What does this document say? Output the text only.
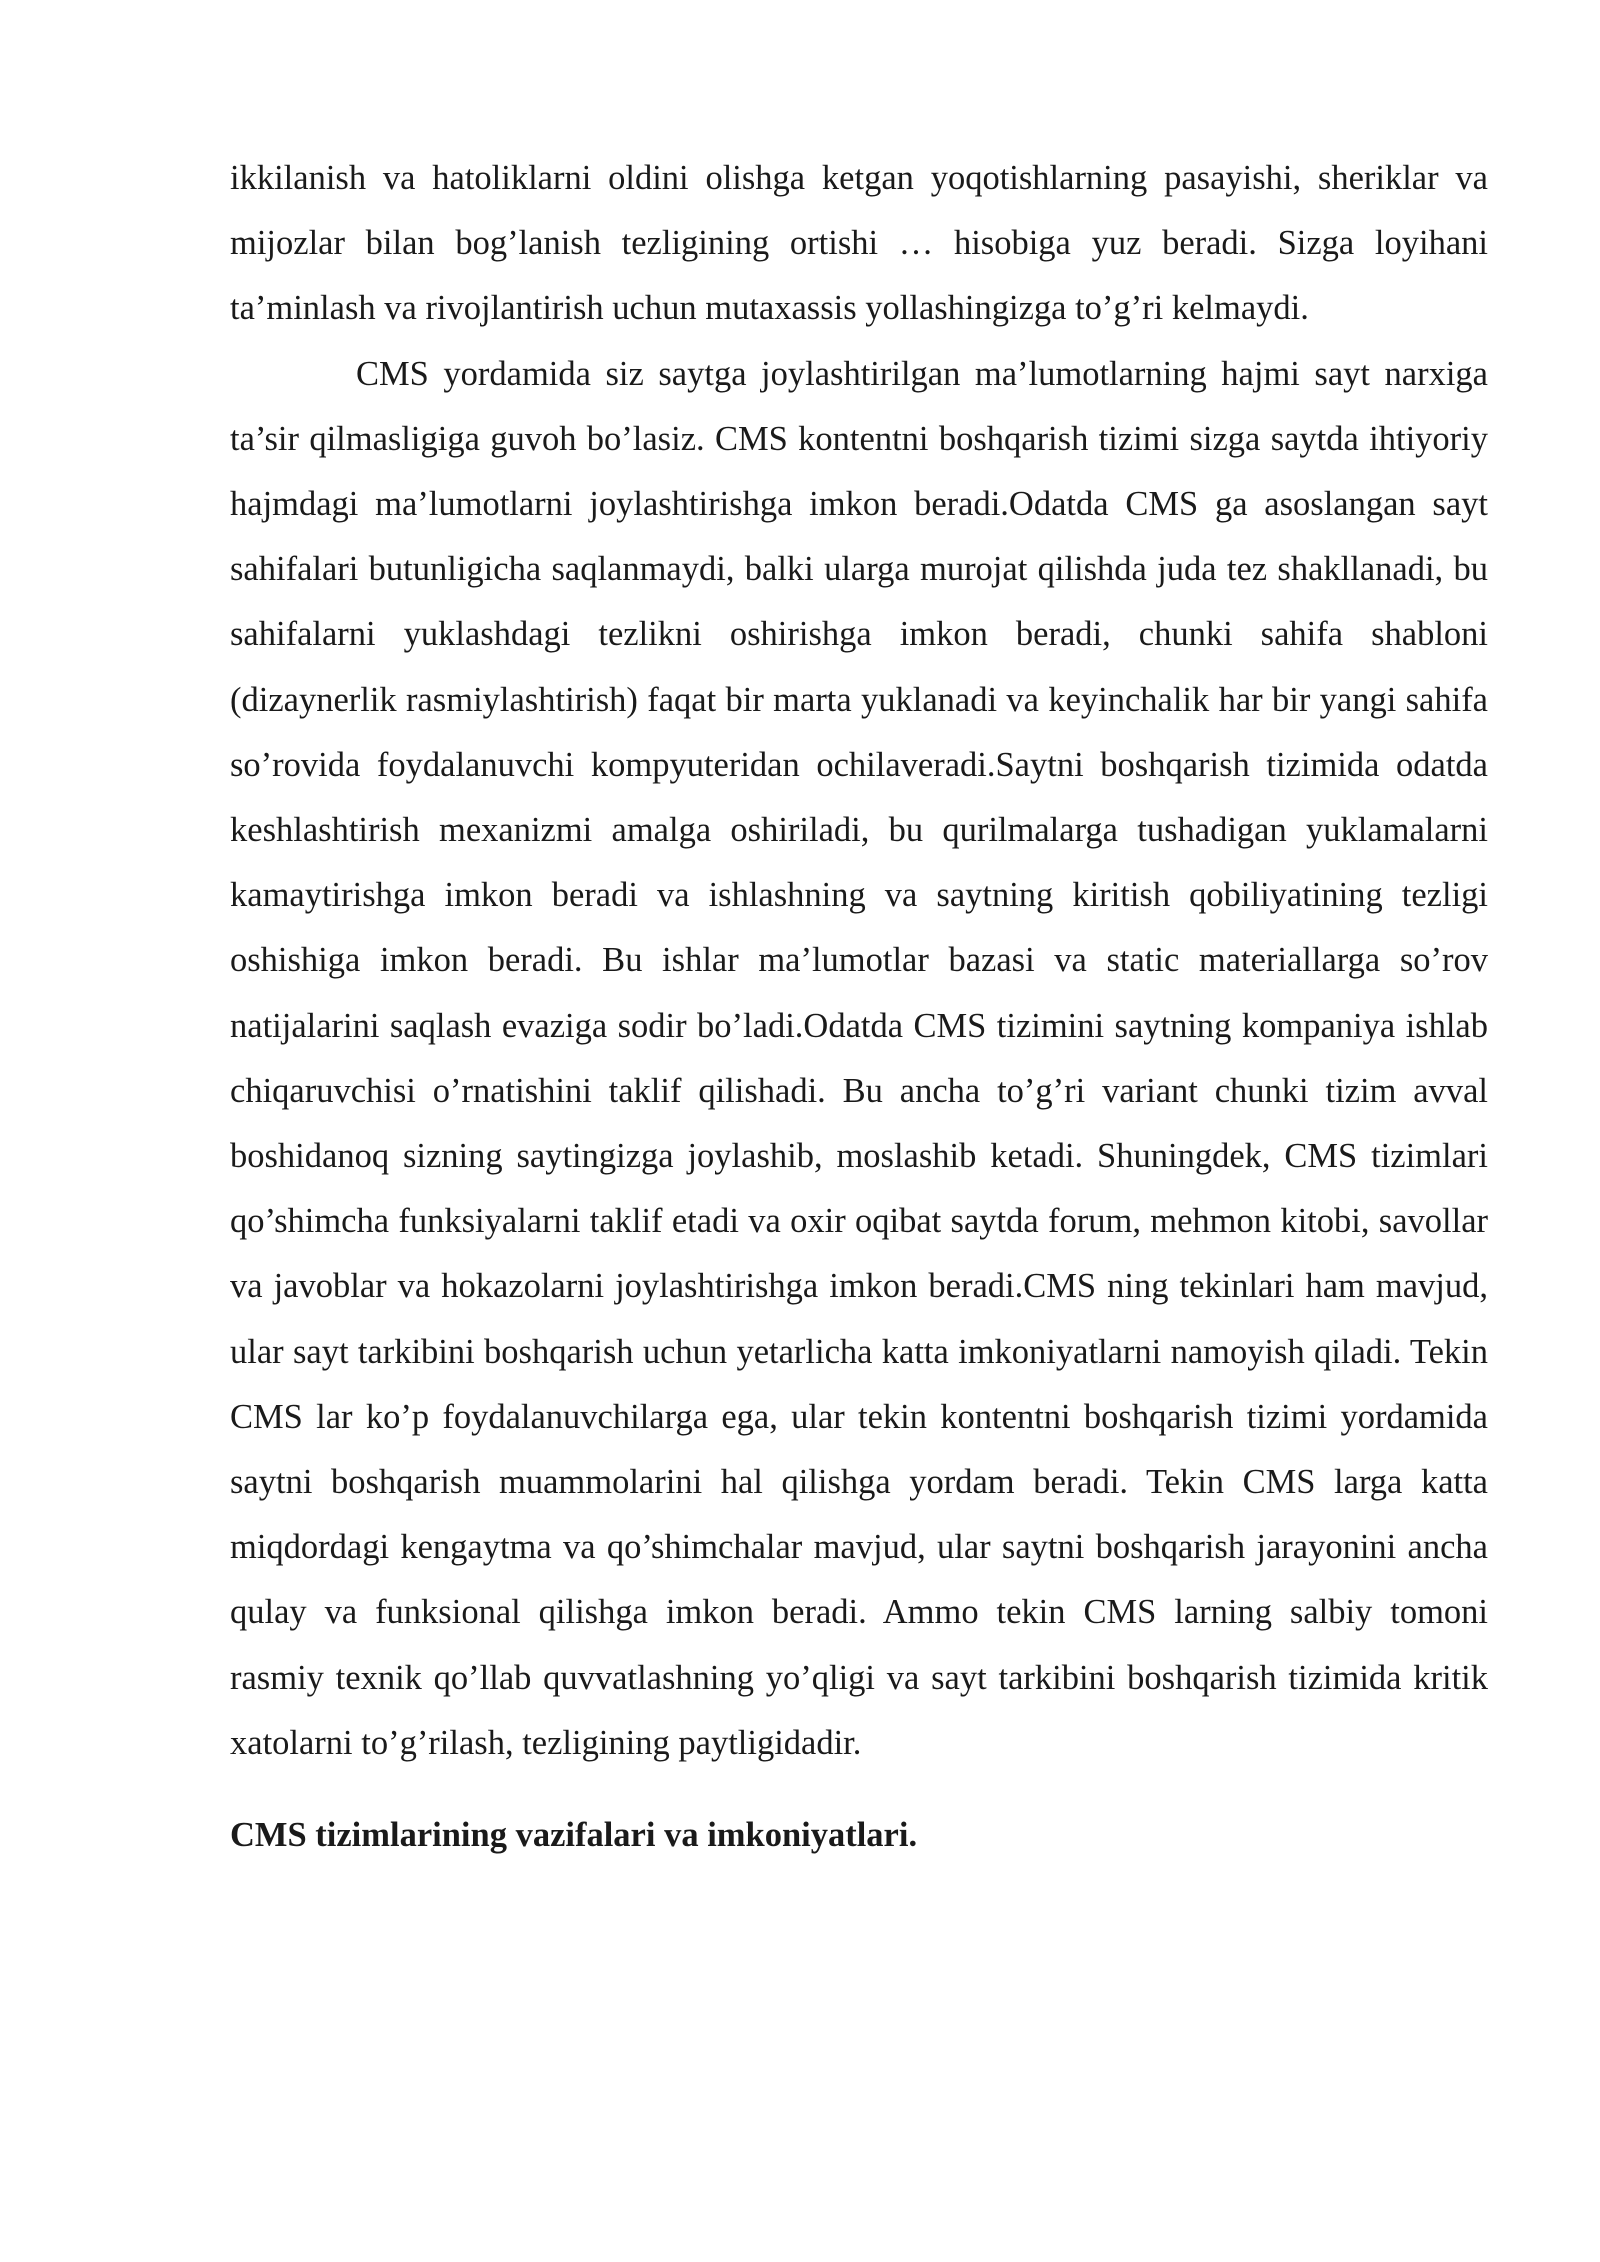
ikkilanish va hatoliklarni oldini olishga ketgan yoqotishlarning pasayishi, sheriklar va mijozlar bilan bog’lanish tezligining ortishi … hisobiga yuz beradi. Sizga loyihani ta’minlash va rivojlantirish uchun mutaxassis yollashingizga to’g’ri kelmaydi.

CMS yordamida siz saytga joylashtirilgan ma’lumotlarning hajmi sayt narxiga ta’sir qilmasligiga guvoh bo’lasiz. CMS kontentni boshqarish tizimi sizga saytda ihtiyoriy hajmdagi ma’lumotlarni joylashtirishga imkon beradi.Odatda CMS ga asoslangan sayt sahifalari butunligicha saqlanmaydi, balki ularga murojat qilishda juda tez shakllanadi, bu sahifalarni yuklashdagi tezlikni oshirishga imkon beradi, chunki sahifa shabloni (dizaynerlik rasmiylashtirish) faqat bir marta yuklanadi va keyinchalik har bir yangi sahifa so’rovida foydalanuvchi kompyuteridan ochilaveradi.Saytni boshqarish tizimida odatda keshlashtirish mexanizmi amalga oshiriladi, bu qurilmalarga tushadigan yuklamalarni kamaytirishga imkon beradi va ishlashning va saytning kiritish qobiliyatining tezligi oshishiga imkon beradi. Bu ishlar ma’lumotlar bazasi va static materiallarga so’rov natijalarini saqlash evaziga sodir bo’ladi.Odatda CMS tizimini saytning kompaniya ishlab chiqaruvchisi o’rnatishini taklif qilishadi. Bu ancha to’g’ri variant chunki tizim avval boshidanoq sizning saytingizga joylashib, moslashib ketadi. Shuningdek, CMS tizimlari qo’shimcha funksiyalarni taklif etadi va oxir oqibat saytda forum, mehmon kitobi, savollar va javoblar va hokazolarni joylashtirishga imkon beradi.CMS ning tekinlari ham mavjud, ular sayt tarkibini boshqarish uchun yetarlicha katta imkoniyatlarni namoyish qiladi. Tekin CMS lar ko’p foydalanuvchilarga ega, ular tekin kontentni boshqarish tizimi yordamida saytni boshqarish muammolarini hal qilishga yordam beradi. Tekin CMS larga katta miqdordagi kengaytma va qo’shimchalar mavjud, ular saytni boshqarish jarayonini ancha qulay va funksional qilishga imkon beradi. Ammo tekin CMS larning salbiy tomoni rasmiy texnik qo’llab quvvatlashning yo’qligi va sayt tarkibini boshqarish tizimida kritik xatolarni to’g’rilash, tezligining paytligidadir.

CMS tizimlarining vazifalari va imkoniyatlari.
